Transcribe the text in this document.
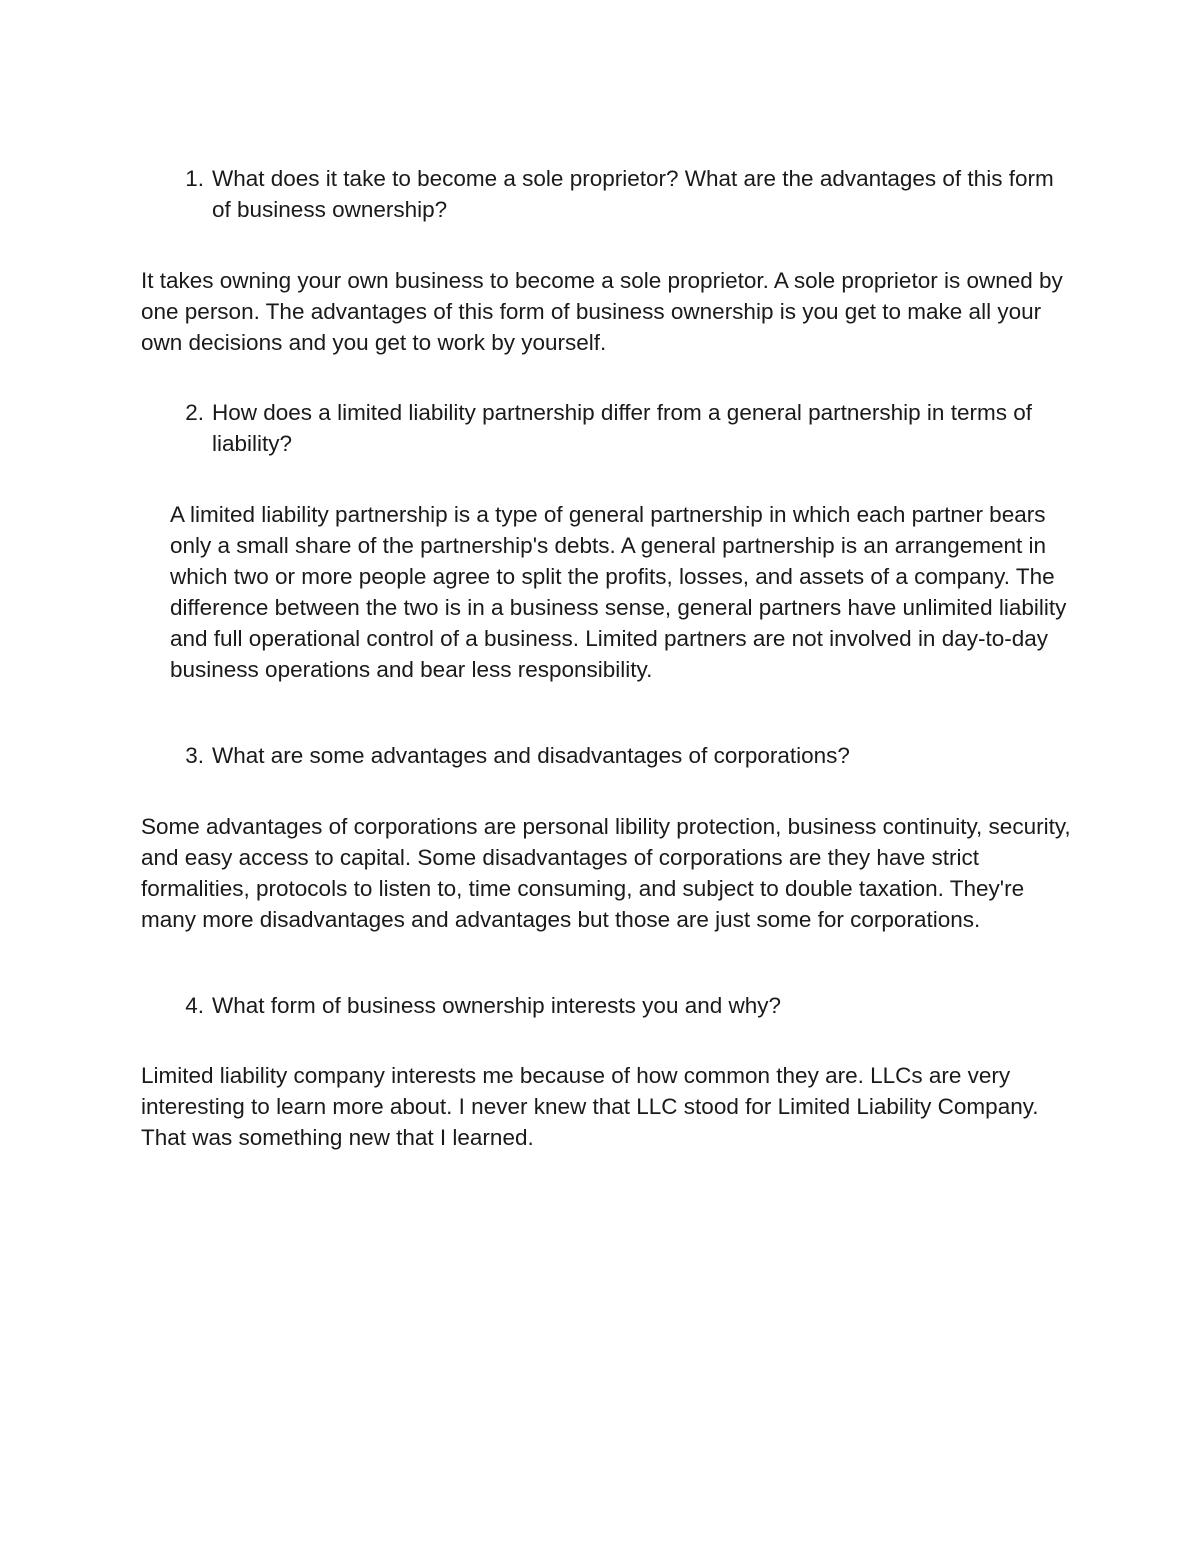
1. What does it take to become a sole proprietor? What are the advantages of this form of business ownership?

It takes owning your own business to become a sole proprietor. A sole proprietor is owned by one person. The advantages of this form of business ownership is you get to make all your own decisions and you get to work by yourself.

2. How does a limited liability partnership differ from a general partnership in terms of liability?

A limited liability partnership is a type of general partnership in which each partner bears only a small share of the partnership's debts. A general partnership is an arrangement in which two or more people agree to split the profits, losses, and assets of a company. The difference between the two is in a business sense, general partners have unlimited liability and full operational control of a business. Limited partners are not involved in day-to-day business operations and bear less responsibility.

3. What are some advantages and disadvantages of corporations?

Some advantages of corporations are personal libility protection, business continuity, security, and easy access to capital. Some disadvantages of corporations are they have strict formalities, protocols to listen to, time consuming, and subject to double taxation. They're many more disadvantages and advantages but those are just some for corporations.

4. What form of business ownership interests you and why?

Limited liability company interests me because of how common they are. LLCs are very interesting to learn more about. I never knew that LLC stood for Limited Liability Company. That was something new that I learned.
